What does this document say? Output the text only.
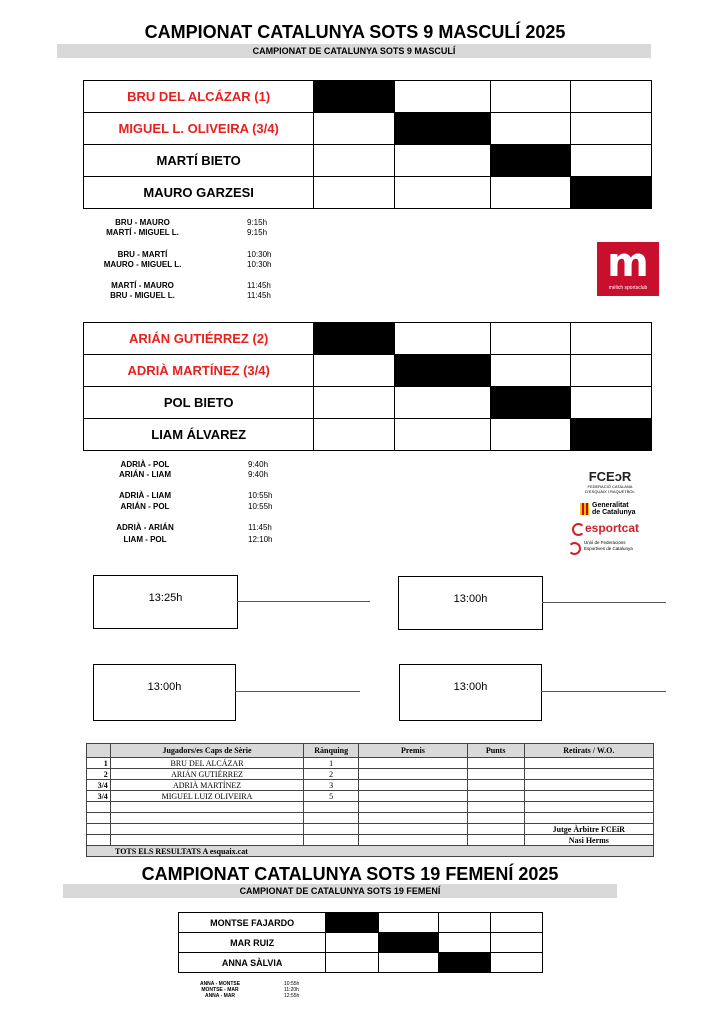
CAMPIONAT CATALUNYA SOTS 9 MASCULÍ 2025
CAMPIONAT DE CATALUNYA SOTS 9 MASCULÍ
BRU DEL ALCÁZAR (1)				
MIGUEL L. OLIVEIRA (3/4)				
MARTÍ BIETO				
MAURO GARZESI				
BRU - MAURO	9:15h
MARTÍ - MIGUEL L.	9:15h
BRU - MARTÍ	10:30h
MAURO - MIGUEL L.	10:30h
MARTÍ - MAURO	11:45h
BRU - MIGUEL L.	11:45h
m
mèlich sportsclub
ARIÁN GUTIÉRREZ (2)				
ADRIÀ MARTÍNEZ (3/4)				
POL BIETO				
LIAM ÁLVAREZ				
ADRIÀ - POL	9:40h
ARIÁN - LIAM	9:40h
ADRIÀ - LIAM	10:55h
ARIÁN - POL	10:55h
ADRIÀ - ARIÁN	11:45h
LIAM - POL	12:10h
FCEↄR
FEDERACIÓ CATALANA
D'ESQUAIX I RAQUETBOL
Generalitat
de Catalunya
esportcat
Unió de Federacions
Esportives de Catalunya
13:25h	13:00h
13:00h	13:00h
	Jugadors/es Caps de Sèrie	Rànquing	Premis	Punts	Retirats / W.O.
1	BRU DEL ALCÁZAR	1			
2	ARIÁN GUTIÉRREZ	2			
3/4	ADRIÀ MARTÍNEZ	3			
3/4	MIGUEL LUIZ OLIVEIRA	5			

					Jutge Àrbitre FCEiR
					Nasi Herms
TOTS ELS RESULTATS A esquaix.cat					
CAMPIONAT CATALUNYA SOTS 19 FEMENÍ 2025
CAMPIONAT DE CATALUNYA SOTS 19 FEMENÍ
MONTSE FAJARDO				
MAR RUIZ				
ANNA SÀLVIA				
ANNA - MONTSE	10:55h
MONTSE - MAR	11:20h
ANNA - MAR	12:55h
